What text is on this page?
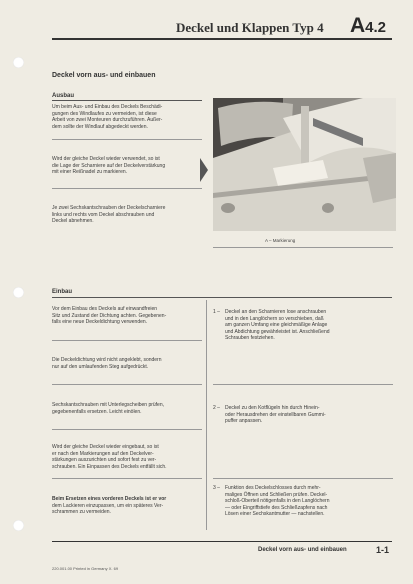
Deckel und Klappen Typ 4 A4.2
Deckel vorn aus- und einbauen
Ausbau
Um beim Aus- und Einbau des Deckels Beschädi-
gungen des Windlaufes zu vermeiden, ist diese
Arbeit von zwei Monteuren durchzuführen. Außer-
dem sollte der Windlauf abgedeckt werden.
Wird der gleiche Deckel wieder verwendet, so ist
die Lage der Scharniere auf der Deckelverstärkung
mit einer Reißnadel zu markieren.
Je zwei Sechskantschrauben der Deckelscharniere
links und rechts vom Deckel abschrauben und
Deckel abnehmen.
A – Markierung
Einbau
Vor dem Einbau des Deckels auf einwandfreien
Sitz und Zustand der Dichtung achten. Gegebenen-
falls eine neue Deckeldichtung verwenden.
Die Deckeldichtung wird nicht angeklebt, sondern
nur auf den umlaufenden Steg aufgedrückt.
Sechskantschrauben mit Unterlegscheiben prüfen,
gegebenenfalls ersetzen. Leicht einölen.
Wird der gleiche Deckel wieder eingebaut, so ist
er nach den Markierungen auf den Deckelver-
stärkungen auszurichten und sofort fest zu ver-
schrauben. Ein Einpassen des Deckels entfällt sich.
Beim Ersetzen eines vorderen Deckels ist er vor
dem Lackieren einzupassen, um ein späteres Ver-
schrammen zu vermeiden.
1 – Deckel an den Scharnieren lose anschrauben
und in den Langlöchern so verschieben, daß
am ganzen Umfang eine gleichmäßige Anlage
und Abdichtung gewährleistet ist. Anschließend
Schrauben festziehen.
2 – Deckel zu den Kotflügeln hin durch Hinein-
oder Herausdrehen der einstellbaren Gummi-
puffer anpassen.
3 – Funktion des Deckelschlosses durch mehr-
maliges Öffnen und Schließen prüfen. Deckel-
schloß-Oberteil nötigenfalls in den Langlöchern
— oder Eingriffstiefe des Schließzapfens nach
Lösen einer Sechskantmutter — nachstellen.
Deckel vorn aus- und einbauen	1-1
220.001.00 Printed in Germany X. 69
